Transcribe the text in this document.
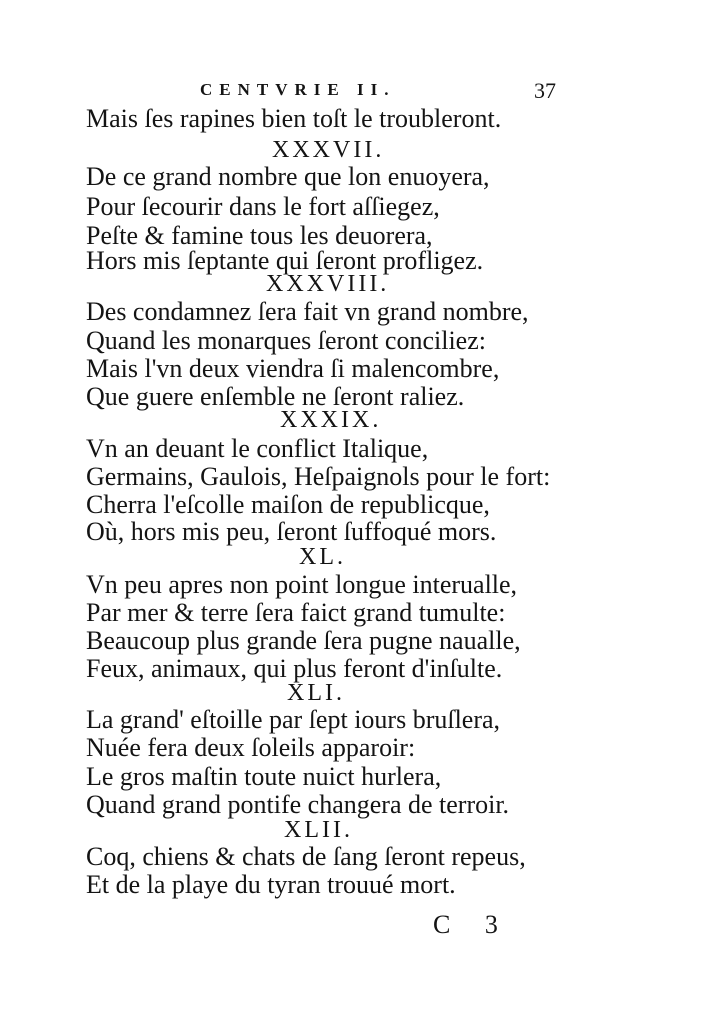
CENTVRIE II.	37
Mais ſes rapines bien toſt le troubleront.
XXXVII.
De ce grand nombre que lon enuoyera,
Pour ſecourir dans le fort aſſiegez,
Peſte & famine tous les deuorera,
Hors mis ſeptante qui ſeront profligez.
XXXVIII.
Des condamnez ſera fait vn grand nombre,
Quand les monarques ſeront conciliez:
Mais l'vn deux viendra ſi malencombre,
Que guere enſemble ne ſeront raliez.
XXXIX.
Vn an deuant le conflict Italique,
Germains, Gaulois, Heſpaignols pour le fort:
Cherra l'eſcolle maiſon de republicque,
Où, hors mis peu, ſeront ſuffoqué mors.
XL.
Vn peu apres non point longue interualle,
Par mer & terre ſera faict grand tumulte:
Beaucoup plus grande ſera pugne naualle,
Feux, animaux, qui plus feront d'inſulte.
XLI.
La grand' eſtoille par ſept iours bruſlera,
Nuée fera deux ſoleils apparoir:
Le gros maſtin toute nuict hurlera,
Quand grand pontife changera de terroir.
XLII.
Coq, chiens & chats de ſang ſeront repeus,
Et de la playe du tyran trouué mort.
C 3
